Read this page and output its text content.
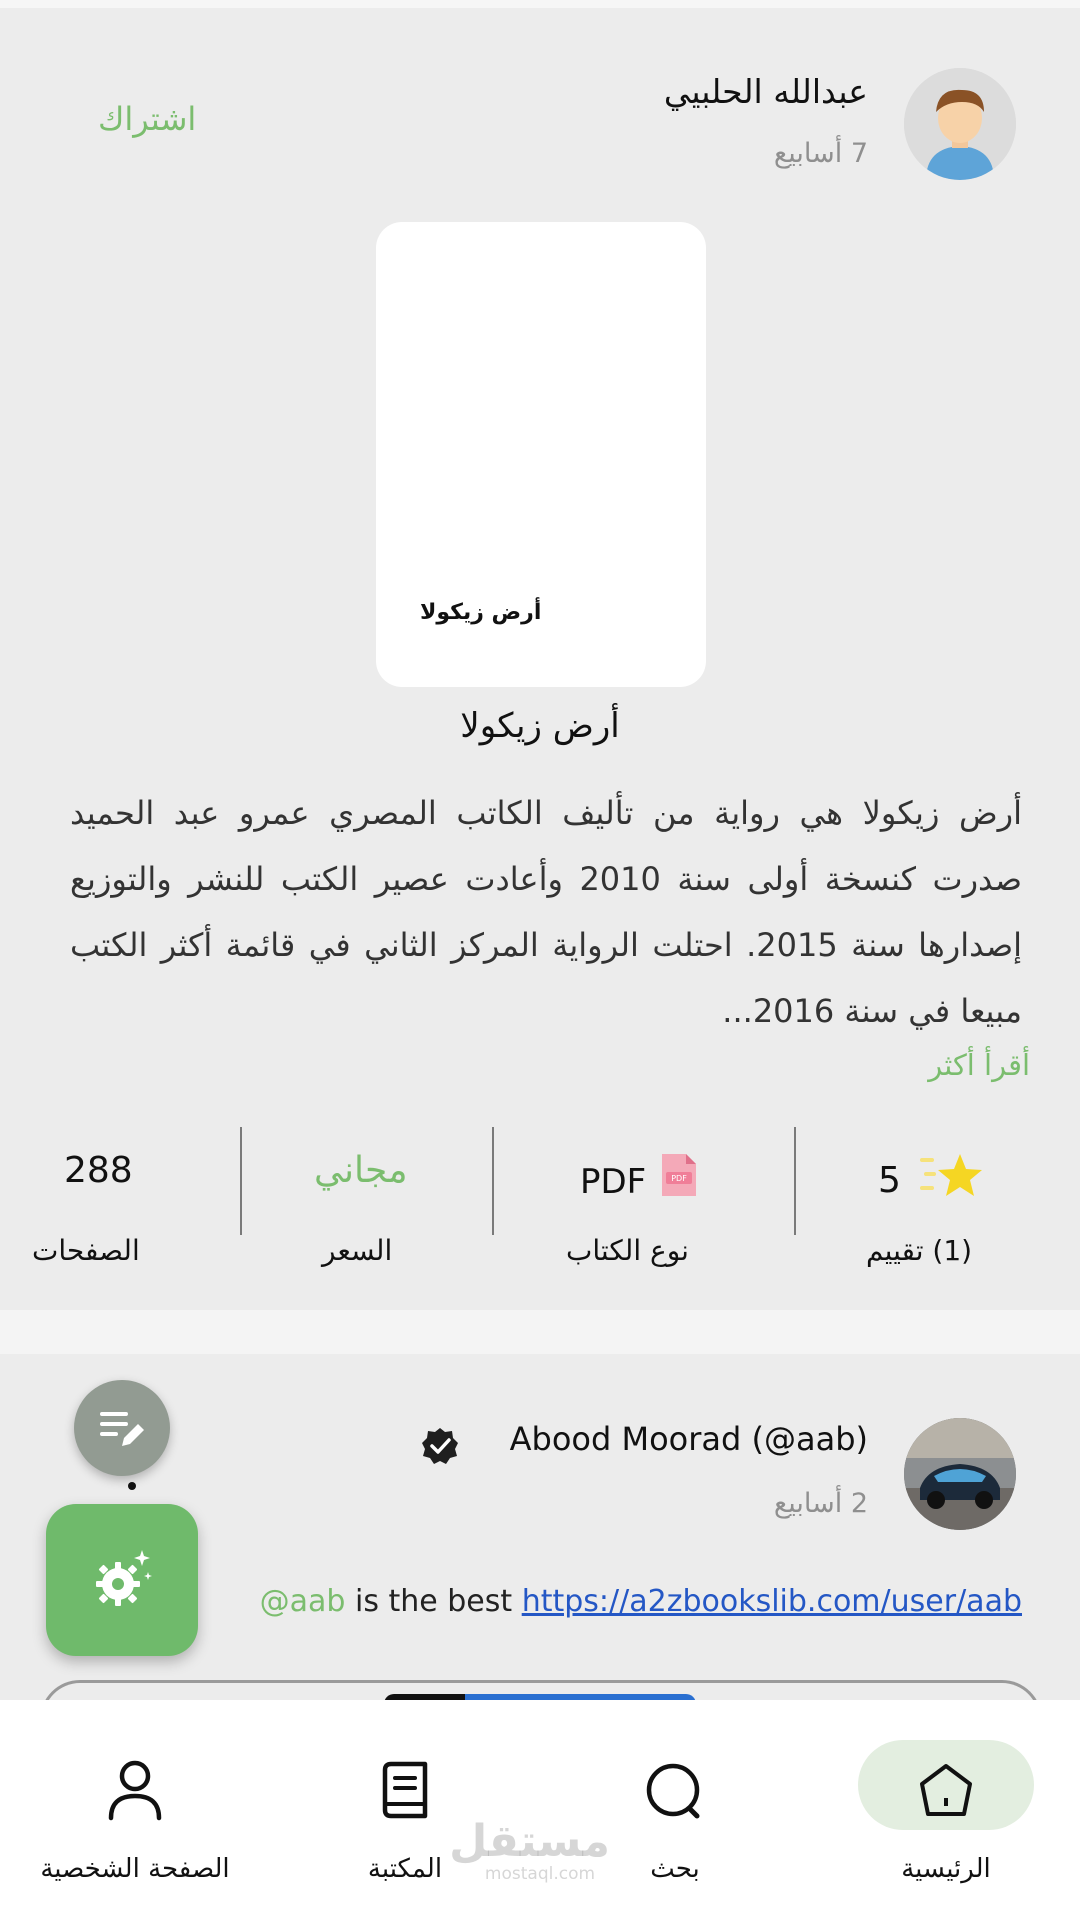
عبدالله الحلبيي
7 أسابيع
اشتراك
أرض زيكولا
أرض زيكولا
أرض زيكولا هي رواية من تأليف الكاتب المصري عمرو عبد الحميد صدرت كنسخة أولى سنة 2010 وأعادت عصير الكتب للنشر والتوزيع إصدارها سنة 2015. احتلت الرواية المركز الثاني في قائمة أكثر الكتب مبيعا في سنة 2016...
أقرأ أكثر
5
(1) تقييم
PDF
PDF
نوع الكتاب
مجاني
السعر
288
الصفحات
Abood Moorad (@aab)
2 أسابيع
@aab is the best https://a2zbookslib.com/user/aab
الرئيسية
بحث
المكتبة
الصفحة الشخصية
مستقل
mostaql.com
